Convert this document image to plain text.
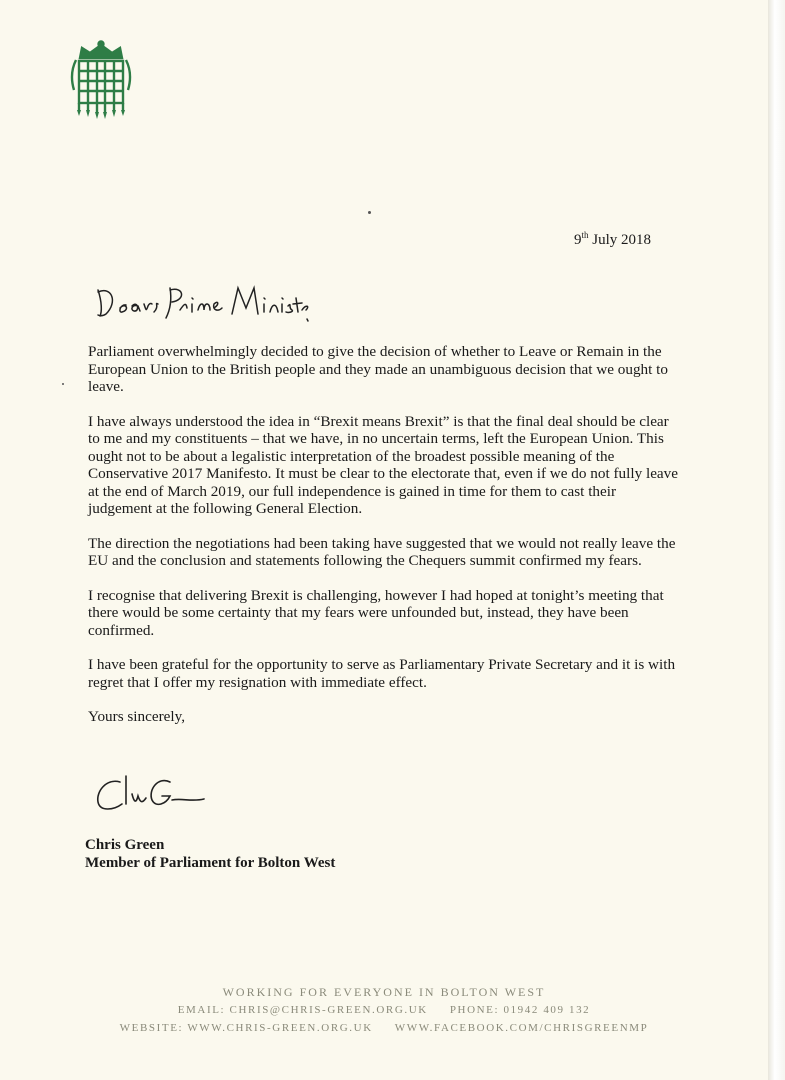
9th July 2018

Parliament overwhelmingly decided to give the decision of whether to Leave or Remain in the European Union to the British people and they made an unambiguous decision that we ought to leave.

I have always understood the idea in “Brexit means Brexit” is that the final deal should be clear to me and my constituents – that we have, in no uncertain terms, left the European Union. This ought not to be about a legalistic interpretation of the broadest possible meaning of the Conservative 2017 Manifesto. It must be clear to the electorate that, even if we do not fully leave at the end of March 2019, our full independence is gained in time for them to cast their judgement at the following General Election.

The direction the negotiations had been taking have suggested that we would not really leave the EU and the conclusion and statements following the Chequers summit confirmed my fears.

I recognise that delivering Brexit is challenging, however I had hoped at tonight’s meeting that there would be some certainty that my fears were unfounded but, instead, they have been confirmed.

I have been grateful for the opportunity to serve as Parliamentary Private Secretary and it is with regret that I offer my resignation with immediate effect.

Yours sincerely,

Chris Green
Member of Parliament for Bolton West
WORKING FOR EVERYONE IN BOLTON WEST
EMAIL: CHRIS@CHRIS-GREEN.ORG.UK PHONE: 01942 409 132
WEBSITE: WWW.CHRIS-GREEN.ORG.UK WWW.FACEBOOK.COM/CHRISGREENMP
